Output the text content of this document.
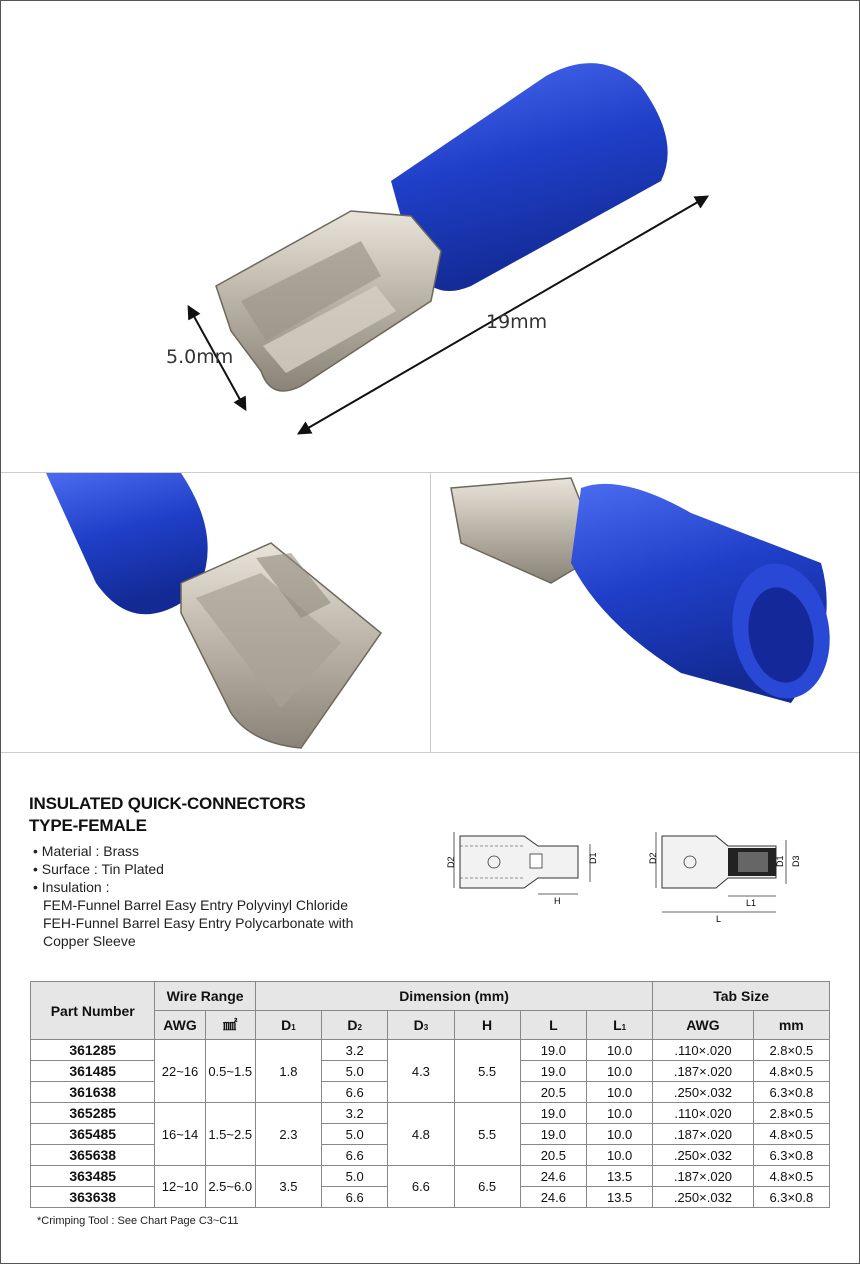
5.0mm
19mm
INSULATED QUICK-CONNECTORS
TYPE-FEMALE
• Material : Brass
• Surface : Tin Plated
• Insulation :
FEM-Funnel Barrel Easy Entry Polyvinyl Chloride
FEH-Funnel Barrel Easy Entry Polycarbonate with
Copper Sleeve
D2	D1
H
D2	D1 D3
L1
L
Part Number	Wire Range		Dimension (mm)						Tab Size	
	AWG	㎟	D1	D2	D3	H	L	L1	AWG	mm
361285	22~16	0.5~1.5	1.8	3.2	4.3	5.5	19.0	10.0	.110×.020	2.8×0.5
361485				5.0			19.0	10.0	.187×.020	4.8×0.5
361638				6.6			20.5	10.0	.250×.032	6.3×0.8
365285	16~14	1.5~2.5	2.3	3.2	4.8	5.5	19.0	10.0	.110×.020	2.8×0.5
365485				5.0			19.0	10.0	.187×.020	4.8×0.5
365638				6.6			20.5	10.0	.250×.032	6.3×0.8
363485	12~10	2.5~6.0	3.5	5.0	6.6	6.5	24.6	13.5	.187×.020	4.8×0.5
363638				6.6			24.6	13.5	.250×.032	6.3×0.8
*Crimping Tool : See Chart Page C3~C11
